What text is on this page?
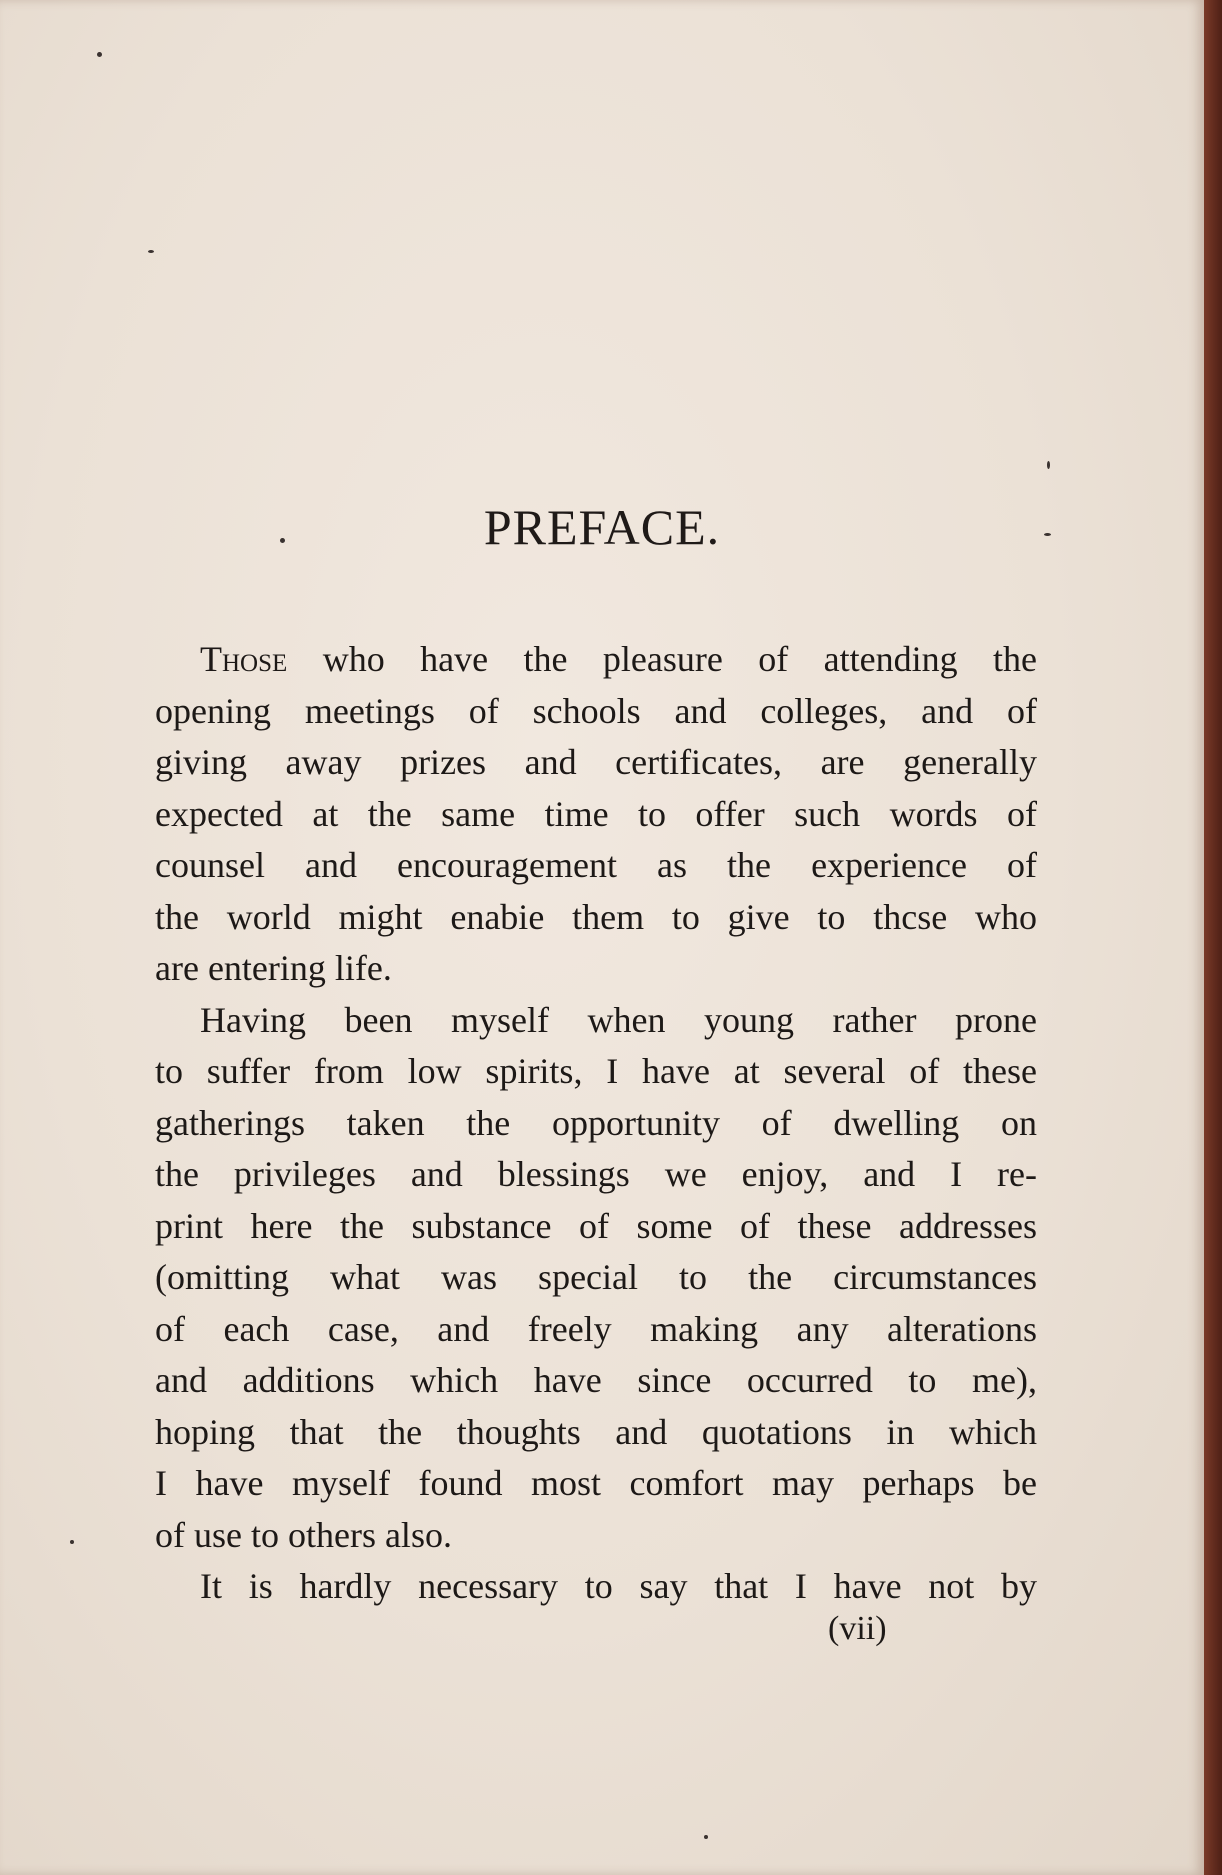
PREFACE.
Those who have the pleasure of attending the
opening meetings of schools and colleges, and of
giving away prizes and certificates, are generally
expected at the same time to offer such words of
counsel and encouragement as the experience of
the world might enabie them to give to thcse who
are entering life.
Having been myself when young rather prone
to suffer from low spirits, I have at several of these
gatherings taken the opportunity of dwelling on
the privileges and blessings we enjoy, and I re-
print here the substance of some of these addresses
(omitting what was special to the circumstances
of each case, and freely making any alterations
and additions which have since occurred to me),
hoping that the thoughts and quotations in which
I have myself found most comfort may perhaps be
of use to others also.
It is hardly necessary to say that I have not by
(vii)
